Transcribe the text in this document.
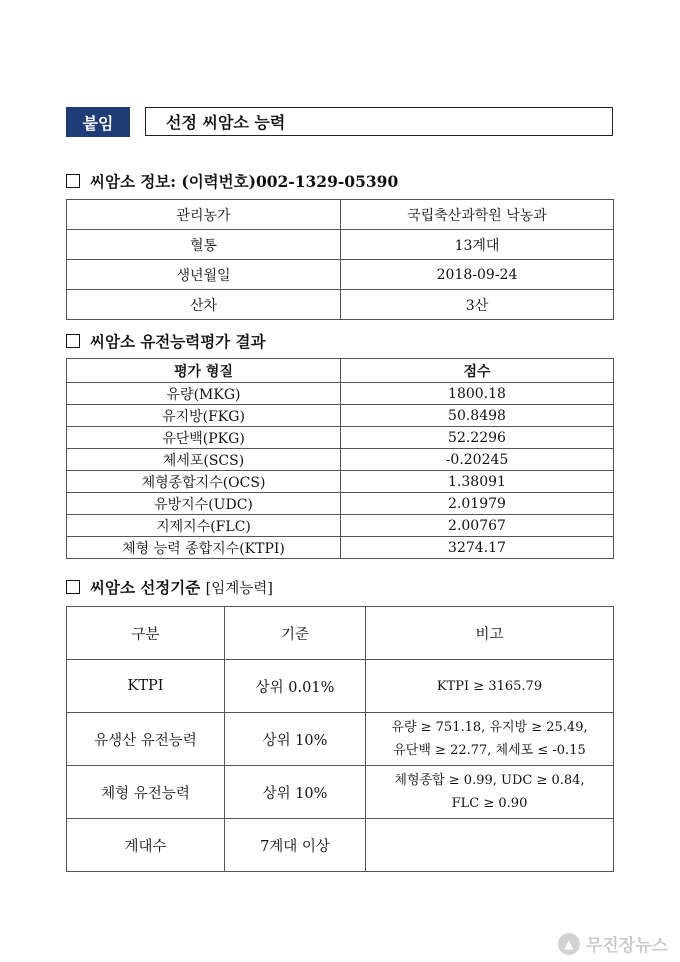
붙임	선정 씨암소 능력
씨암소 정보: (이력번호)002-1329-05390
관리농가	국립축산과학원 낙농과
혈통	13계대
생년월일	2018-09-24
산차	3산
씨암소 유전능력평가 결과
평가 형질	점수
유량(MKG)	1800.18
유지방(FKG)	50.8498
유단백(PKG)	52.2296
체세포(SCS)	-0.20245
체형종합지수(OCS)	1.38091
유방지수(UDC)	2.01979
지제지수(FLC)	2.00767
체형 능력 종합지수(KTPI)	3274.17
씨암소 선정기준
[임계능력]
구분	기준	비고
KTPI	상위 0.01%	KTPI ≥ 3165.79

유생산 유전능력	상위 10%	유량 ≥ 751.18, 유지방 ≥ 25.49,
유단백 ≥ 22.77, 체세포 ≤ -0.15

체형 유전능력	상위 10%	체형종합 ≥ 0.99, UDC ≥ 0.84,
FLC ≥ 0.90

계대수	7계대 이상	
▲ 무진장뉴스
